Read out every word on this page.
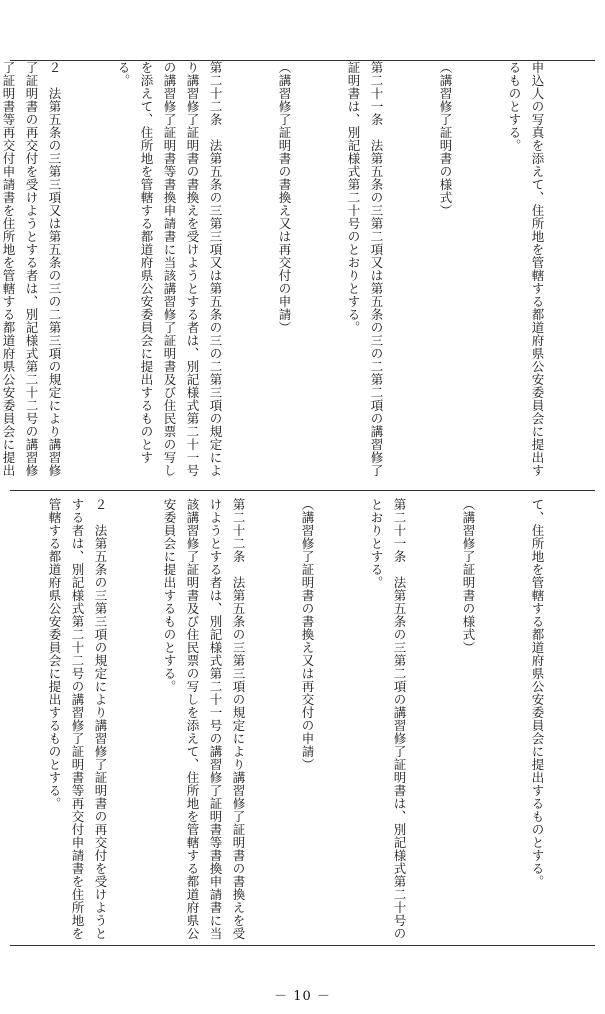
申込人の写真を添えて、住所地を管轄する都道府県公安委員会に提出するものとする。

（講習修了証明書の様式）

第二十一条　法第五条の三第二項又は第五条の三の二第二項の講習修了証明書は、別記様式第二十号のとおりとする。

（講習修了証明書の書換え又は再交付の申請）

第二十二条　法第五条の三第三項又は第五条の三の二第三項の規定により講習修了証明書の書換えを受けようとする者は、別記様式第二十一号の講習修了証明書等書換申請書に当該講習修了証明書及び住民票の写しを添えて、住所地を管轄する都道府県公安委員会に提出するものとする。

２　法第五条の三第三項又は第五条の三の二第三項の規定により講習修了証明書の再交付を受けようとする者は、別記様式第二十二号の講習修了証明書等再交付申請書を住所地を管轄する都道府県公安委員会に提出

て、住所地を管轄する都道府県公安委員会に提出するものとする。

（講習修了証明書の様式）

第二十一条　法第五条の三第二項の講習修了証明書は、別記様式第二十号のとおりとする。

（講習修了証明書の書換え又は再交付の申請）

第二十二条　法第五条の三第三項の規定により講習修了証明書の書換えを受けようとする者は、別記様式第二十一号の講習修了証明書等書換申請書に当該講習修了証明書及び住民票の写しを添えて、住所地を管轄する都道府県公安委員会に提出するものとする。

２　法第五条の三第三項の規定により講習修了証明書の再交付を受けようとする者は、別記様式第二十二号の講習修了証明書等再交付申請書を住所地を管轄する都道府県公安委員会に提出するものとする。

－ 10 －
